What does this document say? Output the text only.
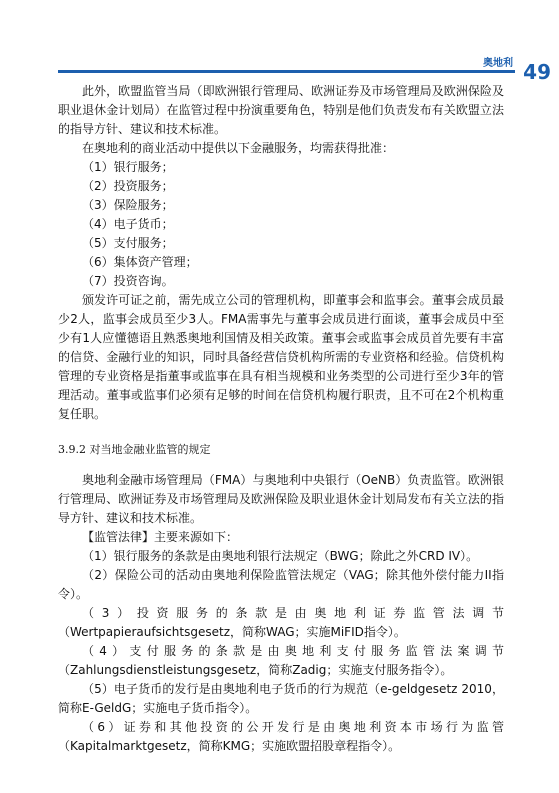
奥地利 49

此外，欧盟监管当局（即欧洲银行管理局、欧洲证券及市场管理局及欧洲保险及职业退休金计划局）在监管过程中扮演重要角色，特别是他们负责发布有关欧盟立法的指导方针、建议和技术标准。

在奥地利的商业活动中提供以下金融服务，均需获得批准：

（1）银行服务；

（2）投资服务；

（3）保险服务；

（4）电子货币；

（5）支付服务；

（6）集体资产管理；

（7）投资咨询。

颁发许可证之前，需先成立公司的管理机构，即董事会和监事会。董事会成员最少2人，监事会成员至少3人。FMA需事先与董事会成员进行面谈，董事会成员中至少有1人应懂德语且熟悉奥地利国情及相关政策。董事会或监事会成员首先要有丰富的信贷、金融行业的知识，同时具备经营信贷机构所需的专业资格和经验。信贷机构管理的专业资格是指董事或监事在具有相当规模和业务类型的公司进行至少3年的管理活动。董事或监事们必须有足够的时间在信贷机构履行职责，且不可在2个机构重复任职。

3.9.2 对当地金融业监管的规定

奥地利金融市场管理局（FMA）与奥地利中央银行（OeNB）负责监管。欧洲银行管理局、欧洲证券及市场管理局及欧洲保险及职业退休金计划局发布有关立法的指导方针、建议和技术标准。

【监管法律】主要来源如下：

（1）银行服务的条款是由奥地利银行法规定（BWG；除此之外CRD IV）。

（2）保险公司的活动由奥地利保险监管法规定（VAG；除其他外偿付能力II指令）。

（3）投资服务的条款是由奥地利证券监管法调节（Wertpapieraufsichtsgesetz，简称WAG；实施MiFID指令）。

（4）支付服务的条款是由奥地利支付服务监管法案调节（Zahlungsdienstleistungsgesetz，简称Zadig；实施支付服务指令）。

（5）电子货币的发行是由奥地利电子货币的行为规范（e-geldgesetz 2010，简称E-GeldG；实施电子货币指令）。

（6）证券和其他投资的公开发行是由奥地利资本市场行为监管（Kapitalmarktgesetz，简称KMG；实施欧盟招股章程指令）。
